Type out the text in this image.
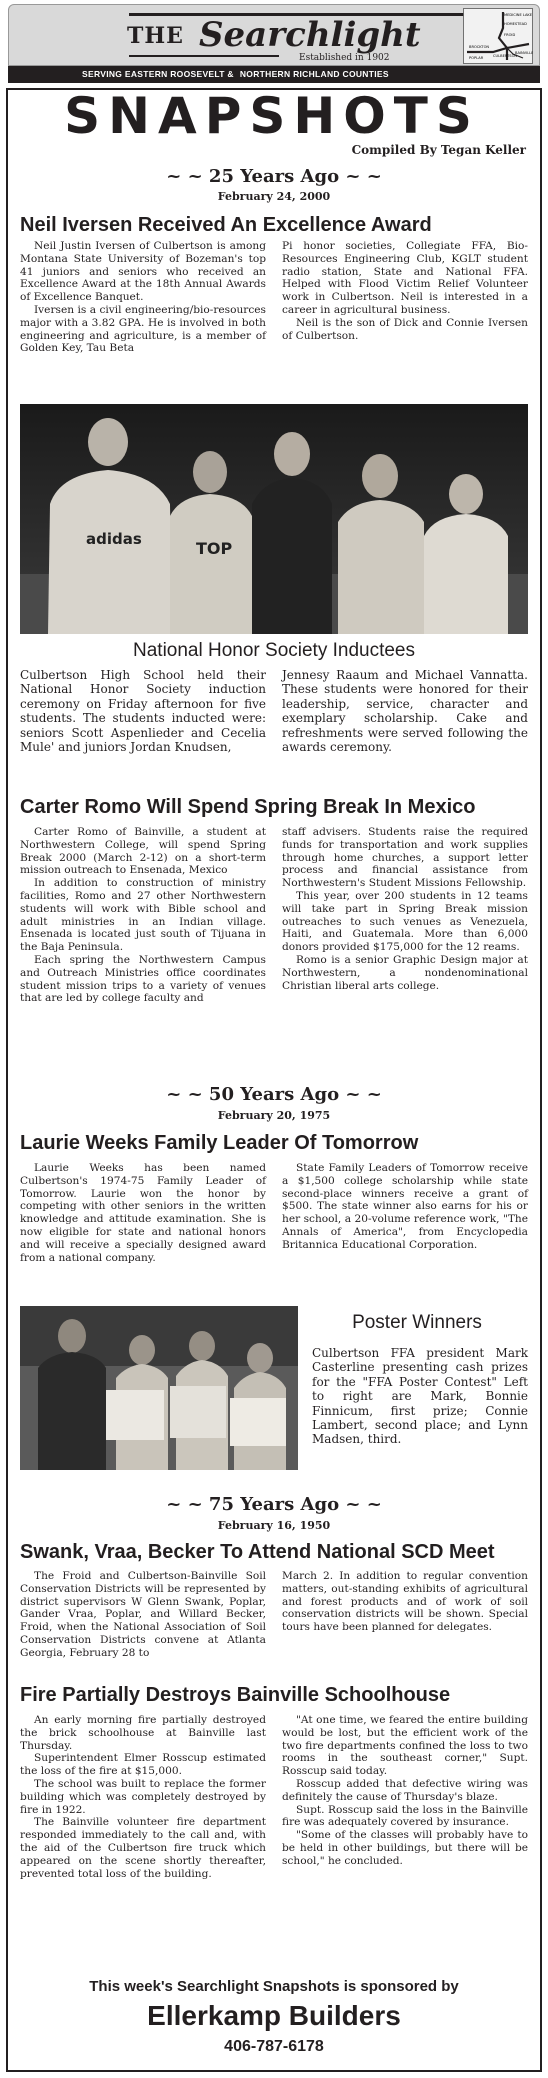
THE Searchlight
Established in 1902
MEDICINE LAKE
HOMESTEAD
FROID
BROCKTON
CULBERTSON
BAINVILLE
POPLAR
SERVING EASTERN ROOSEVELT & NORTHERN RICHLAND COUNTIES
SNAPSHOTS
Compiled By Tegan Keller
~ ~ 25 Years Ago ~ ~
February 24, 2000
Neil Iversen Received An Excellence Award

Neil Justin Iversen of Culbertson is among Montana State University of Bozeman's top 41 juniors and seniors who received an Excellence Award at the 18th Annual Awards of Excellence Banquet.

Iversen is a civil engineering/bio-resources major with a 3.82 GPA. He is involved in both engineering and agriculture, is a member of Golden Key, Tau Beta

Pi honor societies, Collegiate FFA, Bio-Resources Engineering Club, KGLT student radio station, State and National FFA. Helped with Flood Victim Relief Volunteer work in Culbertson. Neil is interested in a career in agricultural business.

Neil is the son of Dick and Connie Iversen of Culbertson.

adidas	TOP
National Honor Society Inductees

Culbertson High School held their National Honor Society induction ceremony on Friday afternoon for five students. The students inducted were: seniors Scott Aspenlieder and Cecelia Mule' and juniors Jordan Knudsen,

Jennesy Raaum and Michael Vannatta. These students were honored for their leadership, service, character and exemplary scholarship. Cake and refreshments were served following the awards ceremony.

Carter Romo Will Spend Spring Break In Mexico

Carter Romo of Bainville, a student at Northwestern College, will spend Spring Break 2000 (March 2-12) on a short-term mission outreach to Ensenada, Mexico

In addition to construction of ministry facilities, Romo and 27 other Northwestern students will work with Bible school and adult ministries in an Indian village. Ensenada is located just south of Tijuana in the Baja Peninsula.

Each spring the Northwestern Campus and Outreach Ministries office coordinates student mission trips to a variety of venues that are led by college faculty and

staff advisers. Students raise the required funds for transportation and work supplies through home churches, a support letter process and financial assistance from Northwestern's Student Missions Fellowship.

This year, over 200 students in 12 teams will take part in Spring Break mission outreaches to such venues as Venezuela, Haiti, and Guatemala. More than 6,000 donors provided $175,000 for the 12 reams.

Romo is a senior Graphic Design major at Northwestern, a nondenominational Christian liberal arts college.

~ ~ 50 Years Ago ~ ~
February 20, 1975
Laurie Weeks Family Leader Of Tomorrow

Laurie Weeks has been named Culbertson's 1974-75 Family Leader of Tomorrow. Laurie won the honor by competing with other seniors in the written knowledge and attitude examination. She is now eligible for state and national honors and will receive a specially designed award from a national company.

State Family Leaders of Tomorrow receive a $1,500 college scholarship while state second-place winners receive a grant of $500. The state winner also earns for his or her school, a 20-volume reference work, "The Annals of America", from Encyclopedia Britannica Educational Corporation.

Poster Winners

Culbertson FFA president Mark Casterline presenting cash prizes for the "FFA Poster Contest" Left to right are Mark, Bonnie Finnicum, first prize; Connie Lambert, second place; and Lynn Madsen, third.

~ ~ 75 Years Ago ~ ~
February 16, 1950
Swank, Vraa, Becker To Attend National SCD Meet

The Froid and Culbertson-Bainville Soil Conservation Districts will be represented by district supervisors W Glenn Swank, Poplar, Gander Vraa, Poplar, and Willard Becker, Froid, when the National Association of Soil Conservation Districts convene at Atlanta Georgia, February 28 to

March 2. In addition to regular convention matters, out-standing exhibits of agricultural and forest products and of work of soil conservation districts will be shown. Special tours have been planned for delegates.

Fire Partially Destroys Bainville Schoolhouse

An early morning fire partially destroyed the brick schoolhouse at Bainville last Thursday.

Superintendent Elmer Rosscup estimated the loss of the fire at $15,000.

The school was built to replace the former building which was completely destroyed by fire in 1922.

The Bainville volunteer fire department responded immediately to the call and, with the aid of the Culbertson fire truck which appeared on the scene shortly thereafter, prevented total loss of the building.

"At one time, we feared the entire building would be lost, but the efficient work of the two fire departments confined the loss to two rooms in the southeast corner," Supt. Rosscup said today.

Rosscup added that defective wiring was definitely the cause of Thursday's blaze.

Supt. Rosscup said the loss in the Bainville fire was adequately covered by insurance.

"Some of the classes will probably have to be held in other buildings, but there will be school," he concluded.

This week's Searchlight Snapshots is sponsored by
Ellerkamp Builders
406-787-6178
